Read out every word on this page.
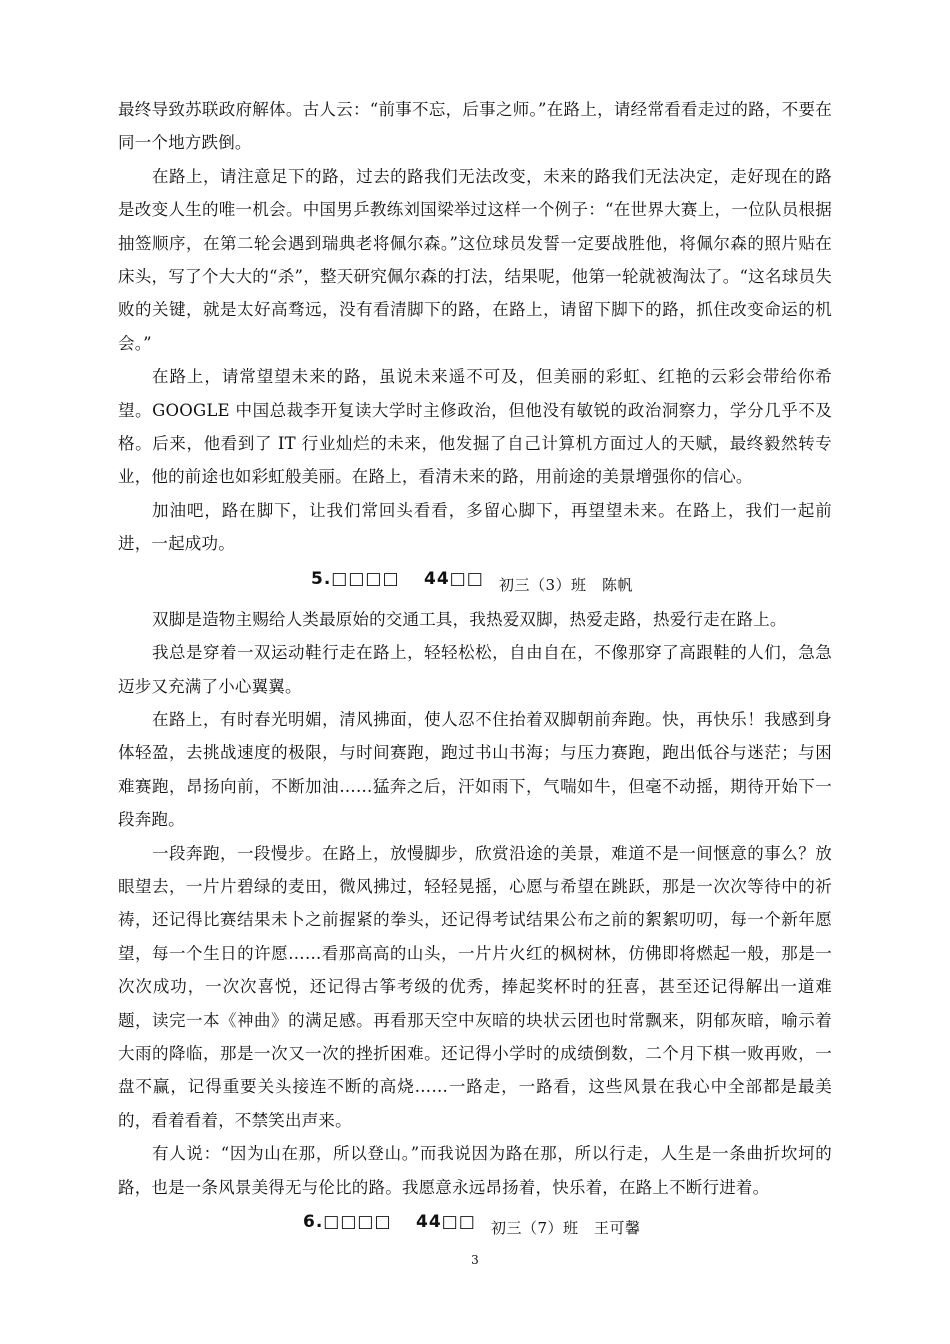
最终导致苏联政府解体。古人云：“前事不忘，后事之师。”在路上，请经常看看走过的路，不要在同一个地方跌倒。

在路上，请注意足下的路，过去的路我们无法改变，未来的路我们无法决定，走好现在的路是改变人生的唯一机会。中国男乒教练刘国梁举过这样一个例子：“在世界大赛上，一位队员根据抽签顺序，在第二轮会遇到瑞典老将佩尔森。”这位球员发誓一定要战胜他，将佩尔森的照片贴在床头，写了个大大的“杀”，整天研究佩尔森的打法，结果呢，他第一轮就被淘汰了。“这名球员失败的关键，就是太好高骛远，没有看清脚下的路，在路上，请留下脚下的路，抓住改变命运的机会。”

在路上，请常望望未来的路，虽说未来遥不可及，但美丽的彩虹、红艳的云彩会带给你希望。GOOGLE 中国总裁李开复读大学时主修政治，但他没有敏锐的政治洞察力，学分几乎不及格。后来，他看到了 IT 行业灿烂的未来，他发掘了自己计算机方面过人的天赋，最终毅然转专业，他的前途也如彩虹般美丽。在路上，看清未来的路，用前途的美景增强你的信心。

加油吧，路在脚下，让我们常回头看看，多留心脚下，再望望未来。在路上，我们一起前进，一起成功。

5.□□□□ 44□□ 初三（3）班　陈帆

双脚是造物主赐给人类最原始的交通工具，我热爱双脚，热爱走路，热爱行走在路上。

我总是穿着一双运动鞋行走在路上，轻轻松松，自由自在，不像那穿了高跟鞋的人们，急急迈步又充满了小心翼翼。

在路上，有时春光明媚，清风拂面，使人忍不住抬着双脚朝前奔跑。快，再快乐！我感到身体轻盈，去挑战速度的极限，与时间赛跑，跑过书山书海；与压力赛跑，跑出低谷与迷茫；与困难赛跑，昂扬向前，不断加油……猛奔之后，汗如雨下，气喘如牛，但毫不动摇，期待开始下一段奔跑。

一段奔跑，一段慢步。在路上，放慢脚步，欣赏沿途的美景，难道不是一间惬意的事么？放眼望去，一片片碧绿的麦田，微风拂过，轻轻晃摇，心愿与希望在跳跃，那是一次次等待中的祈祷，还记得比赛结果未卜之前握紧的拳头，还记得考试结果公布之前的絮絮叨叨，每一个新年愿望，每一个生日的许愿……看那高高的山头，一片片火红的枫树林，仿佛即将燃起一般，那是一次次成功，一次次喜悦，还记得古筝考级的优秀，捧起奖杯时的狂喜，甚至还记得解出一道难题，读完一本《神曲》的满足感。再看那天空中灰暗的块状云团也时常飘来，阴郁灰暗，喻示着大雨的降临，那是一次又一次的挫折困难。还记得小学时的成绩倒数，二个月下棋一败再败，一盘不赢，记得重要关头接连不断的高烧……一路走，一路看，这些风景在我心中全部都是最美的，看着看着，不禁笑出声来。

有人说：“因为山在那，所以登山。”而我说因为路在那，所以行走，人生是一条曲折坎坷的路，也是一条风景美得无与伦比的路。我愿意永远昂扬着，快乐着，在路上不断行进着。

6.□□□□ 44□□ 初三（7）班　王可馨
3
